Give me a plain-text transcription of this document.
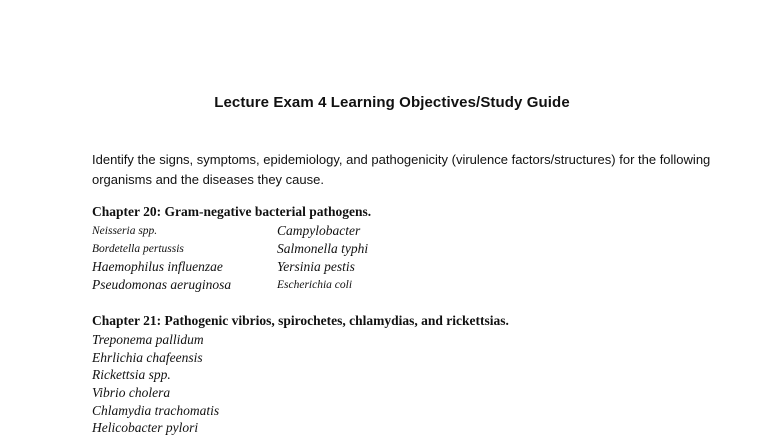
Lecture Exam 4 Learning Objectives/Study Guide
Identify the signs, symptoms, epidemiology, and pathogenicity (virulence factors/structures) for the following organisms and the diseases they cause.
Chapter 20: Gram-negative bacterial pathogens.
Neisseria spp.	Campylobacter
Bordetella pertussis	Salmonella typhi
Haemophilus influenzae	Yersinia pestis
Pseudomonas aeruginosa	Escherichia coli
Chapter 21: Pathogenic vibrios, spirochetes, chlamydias, and rickettsias.
Treponema pallidum
Ehrlichia chafeensis
Rickettsia spp.
Vibrio cholera
Chlamydia trachomatis
Helicobacter pylori
